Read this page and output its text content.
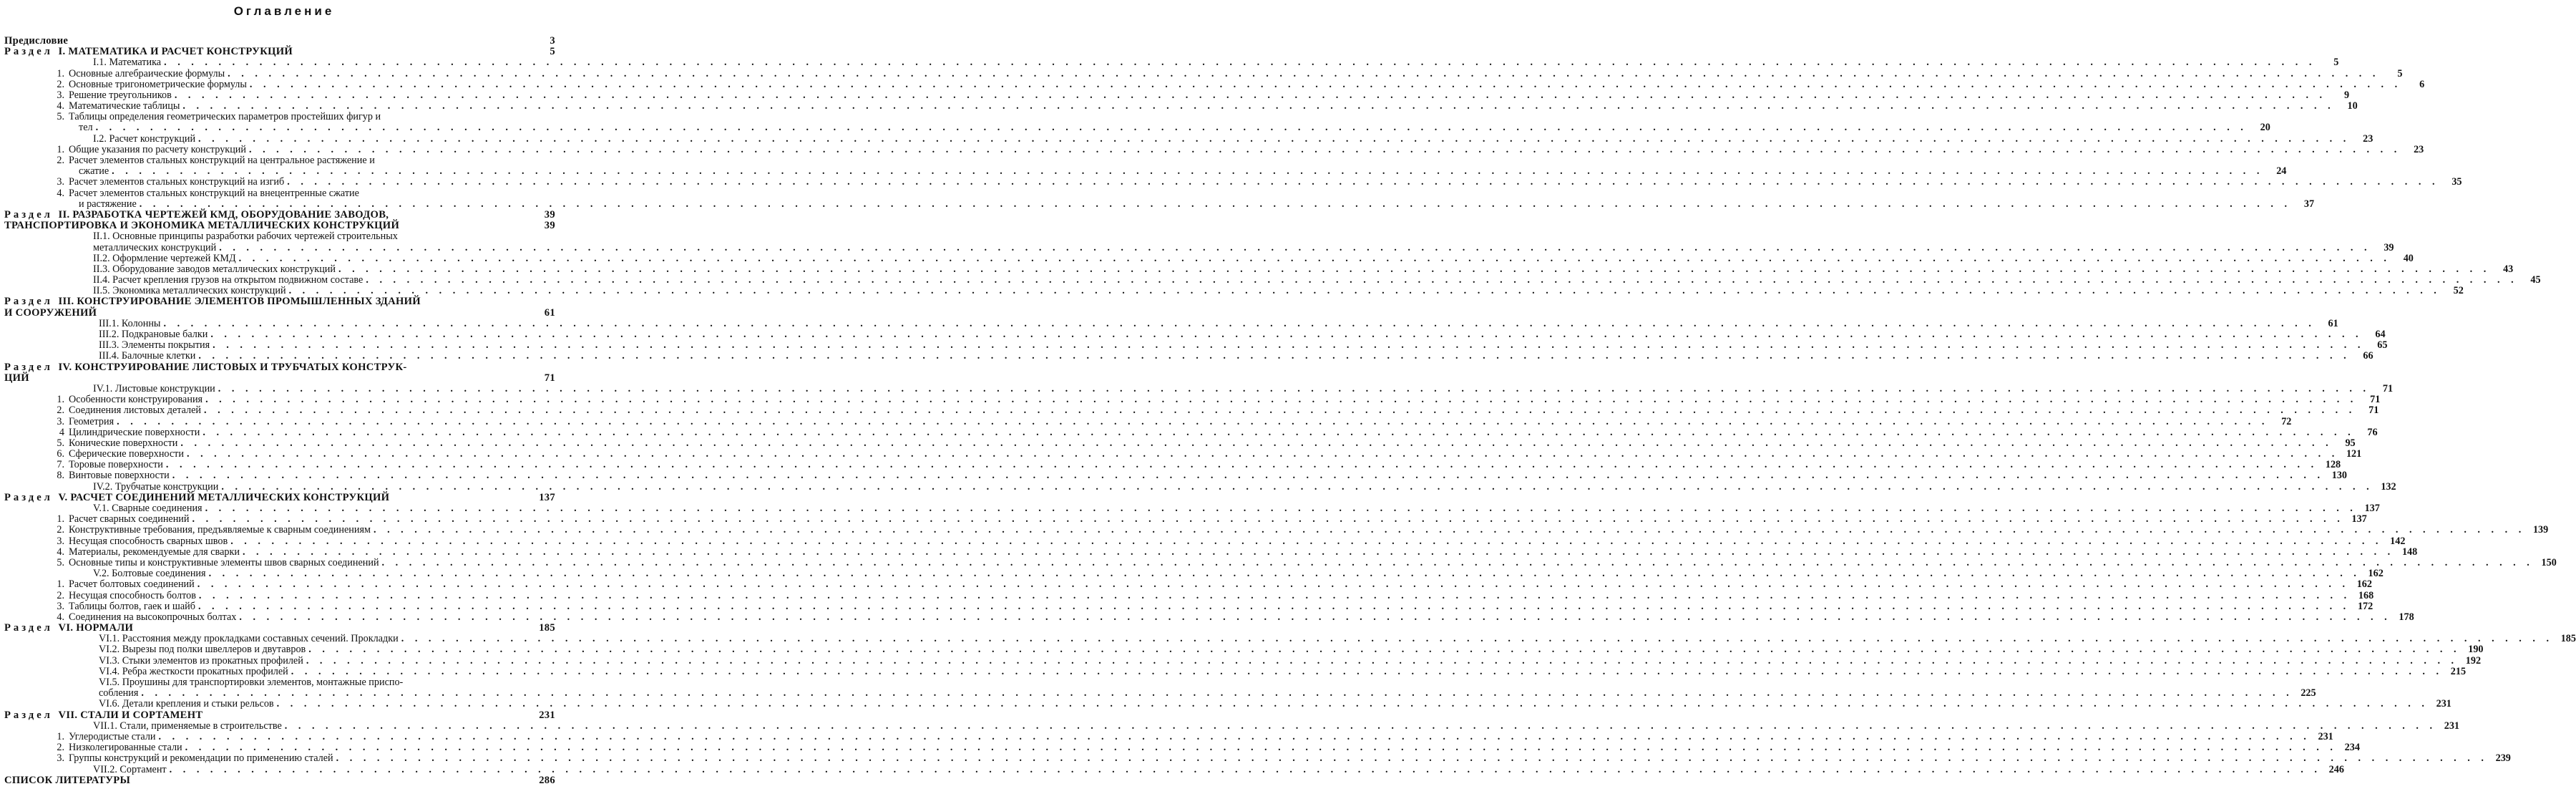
Оглавление
Предисловие	3
Раздел I. МАТЕМАТИКА И РАСЧЕТ КОНСТРУКЦИЙ	5
I.1. Математика . . .	5
1. Основные алгебраические формулы . . .	5
2. Основные тригонометрические формулы . . .	6
3. Решение треугольников . . .	9
4. Математические таблицы . . .	10
5. Таблицы определения геометрических параметров простейших фигур и
тел . . .	20
I.2. Расчет конструкций . . .	23
1. Общие указания по расчету конструкций . . .	23
2. Расчет элементов стальных конструкций на центральное растяжение и
сжатие . . .	24
3. Расчет элементов стальных конструкций на изгиб . . .	35
4. Расчет элементов стальных конструкций на внецентренные сжатие
и растяжение . . .	37
Раздел II. РАЗРАБОТКА ЧЕРТЕЖЕЙ КМД, ОБОРУДОВАНИЕ ЗАВОДОВ,	39
ТРАНСПОРТИРОВКА И ЭКОНОМИКА МЕТАЛЛИЧЕСКИХ КОНСТРУКЦИЙ	39
II.1. Основные принципы разработки рабочих чертежей строительных
металлических конструкций . . .	39
II.2. Оформление чертежей КМД . . .	40
II.3. Оборудование заводов металлических конструкций . . .	43
II.4. Расчет крепления грузов на открытом подвижном составе . . .	45
II.5. Экономика металлических конструкций . . .	52
Раздел III. КОНСТРУИРОВАНИЕ ЭЛЕМЕНТОВ ПРОМЫШЛЕННЫХ ЗДАНИЙ
И СООРУЖЕНИЙ	61
III.1. Колонны . . .	61
III.2. Подкрановые балки . . .	64
III.3. Элементы покрытия . . .	65
III.4. Балочные клетки . . .	66
Раздел IV. КОНСТРУИРОВАНИЕ ЛИСТОВЫХ И ТРУБЧАТЫХ КОНСТРУК-
ЦИЙ	71
IV.1. Листовые конструкции . . .	71
1. Особенности конструирования . . .	71
2. Соединения листовых деталей . . .	71
3. Геометрия . . .	72
4 Цилиндрические поверхности . . .	76
5. Конические поверхности . . .	95
6. Сферические поверхности . . .	121
7. Торовые поверхности . . .	128
8. Винтовые поверхности . . .	130
IV.2. Трубчатые конструкции . . .	132
Раздел V. РАСЧЕТ СОЕДИНЕНИЙ МЕТАЛЛИЧЕСКИХ КОНСТРУКЦИЙ	137
V.1. Сварные соединения . . .	137
1. Расчет сварных соединений . . .	137
2. Конструктивные требования, предъявляемые к сварным соединениям . . .	139
3. Несущая способность сварных швов . . .	142
4. Материалы, рекомендуемые для сварки . . .	148
5. Основные типы и конструктивные элементы швов сварных соединений . . .	150
V.2. Болтовые соединения . . .	162
1. Расчет болтовых соединений . . .	162
2. Несущая способность болтов . . .	168
3. Таблицы болтов, гаек и шайб . . .	172
4. Соединения на высокопрочных болтах . . .	178
Раздел VI. НОРМАЛИ	185
VI.1. Расстояния между прокладками составных сечений. Прокладки . . .	185
VI.2. Вырезы под полки швеллеров и двутавров . . .	190
VI.3. Стыки элементов из прокатных профилей . . .	192
VI.4. Ребра жесткости прокатных профилей . . .	215
VI.5. Проушины для транспортировки элементов, монтажные приспо-
собления . . .	225
VI.6. Детали крепления и стыки рельсов . . .	231
Раздел VII. СТАЛИ И СОРТАМЕНТ	231
VII.1. Стали, применяемые в строительстве . . .	231
1. Углеродистые стали . . .	231
2. Низколегированные стали . . .	234
3. Группы конструкций и рекомендации по применению сталей . . .	239
VII.2. Сортамент . . .	246
СПИСОК ЛИТЕРАТУРЫ	286
